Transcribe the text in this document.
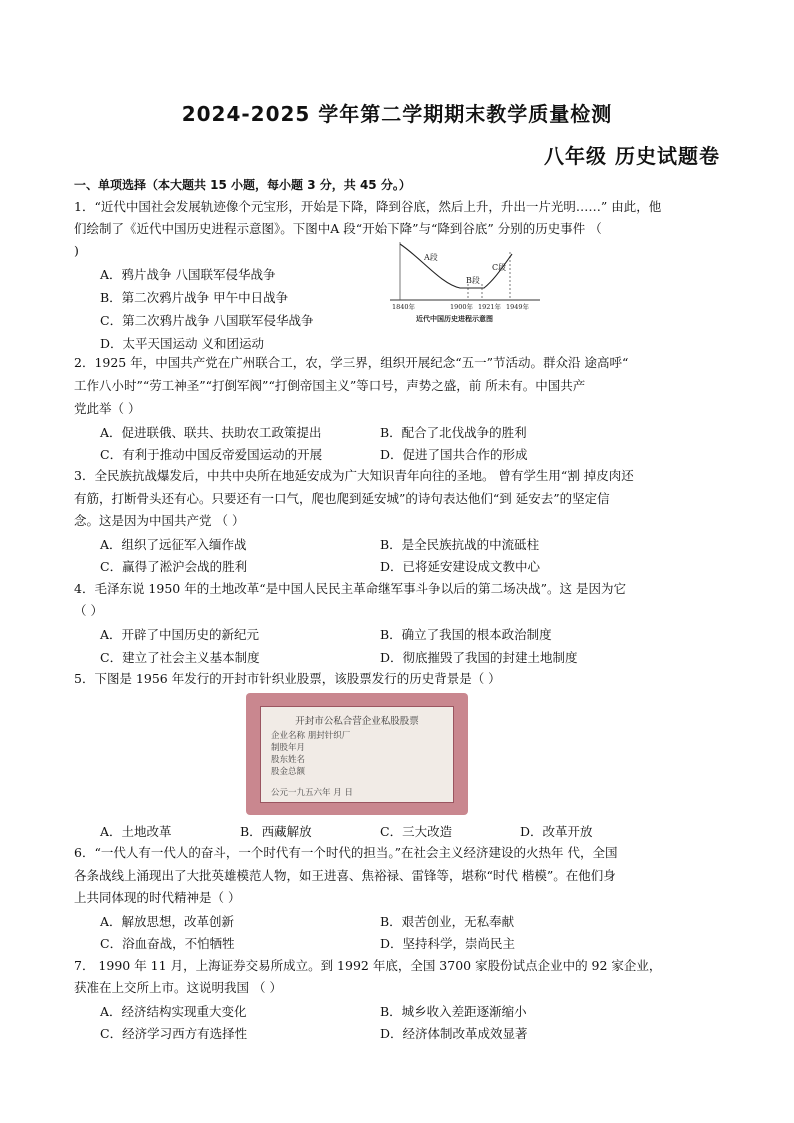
2024-2025 学年第二学期期末教学质量检测
八年级 历史试题卷
一、单项选择（本大题共 15 小题，每小题 3 分，共 45 分。）
1．“近代中国社会发展轨迹像个元宝形，开始是下降，降到谷底，然后上升，升出一片光明……” 由此，他
们绘制了《近代中国历史进程示意图》。下图中A 段“开始下降”与“降到谷底” 分别的历史事件 （
)
A．鸦片战争 八国联军侵华战争
B．第二次鸦片战争 甲午中日战争
C．第二次鸦片战争 八国联军侵华战争
D．太平天国运动 义和团运动
A段
B段
C段
1840年	1900年 1921年 1949年
近代中国历史进程示意图
2．1925 年，中国共产党在广州联合工，农，学三界，组织开展纪念“五一”节活动。群众沿 途高呼“
工作八小时”“劳工神圣”“打倒军阀”“打倒帝国主义”等口号，声势之盛，前 所未有。中国共产
党此举（ ）
A．促进联俄、联共、扶助农工政策提出	B．配合了北伐战争的胜利
C．有利于推动中国反帝爱国运动的开展	D．促进了国共合作的形成
3．全民族抗战爆发后，中共中央所在地延安成为广大知识青年向往的圣地。 曾有学生用“割 掉皮肉还
有筋，打断骨头还有心。只要还有一口气，爬也爬到延安城”的诗句表达他们“到 延安去”的坚定信
念。这是因为中国共产党 （ ）
A．组织了远征军入缅作战	B．是全民族抗战的中流砥柱
C．赢得了淞沪会战的胜利	D．已将延安建设成文教中心
4．毛泽东说 1950 年的土地改革“是中国人民民主革命继军事斗争以后的第二场决战”。这 是因为它
（ ）
A．开辟了中国历史的新纪元	B．确立了我国的根本政治制度
C．建立了社会主义基本制度	D．彻底摧毁了我国的封建土地制度
5．下图是 1956 年发行的开封市针织业股票，该股票发行的历史背景是（ ）
开封市公私合营企业私股股票
企业名称 朋封针织厂
制股年月
股东姓名
股金总额
公元一九五六年 月 日
A．土地改革	B．西藏解放	C．三大改造	D．改革开放
6．“一代人有一代人的奋斗，一个时代有一个时代的担当。”在社会主义经济建设的火热年 代，全国
各条战线上涌现出了大批英雄模范人物，如王进喜、焦裕禄、雷锋等，堪称“时代 楷模”。在他们身
上共同体现的时代精神是（ ）
A．解放思想，改革创新	B．艰苦创业，无私奉献
C．浴血奋战，不怕牺牲	D．坚持科学，崇尚民主
7． 1990 年 11 月，上海证券交易所成立。到 1992 年底，全国 3700 家股份试点企业中的 92 家企业，
获准在上交所上市。这说明我国 （ ）
A．经济结构实现重大变化	B．城乡收入差距逐渐缩小
C．经济学习西方有选择性	D．经济体制改革成效显著
